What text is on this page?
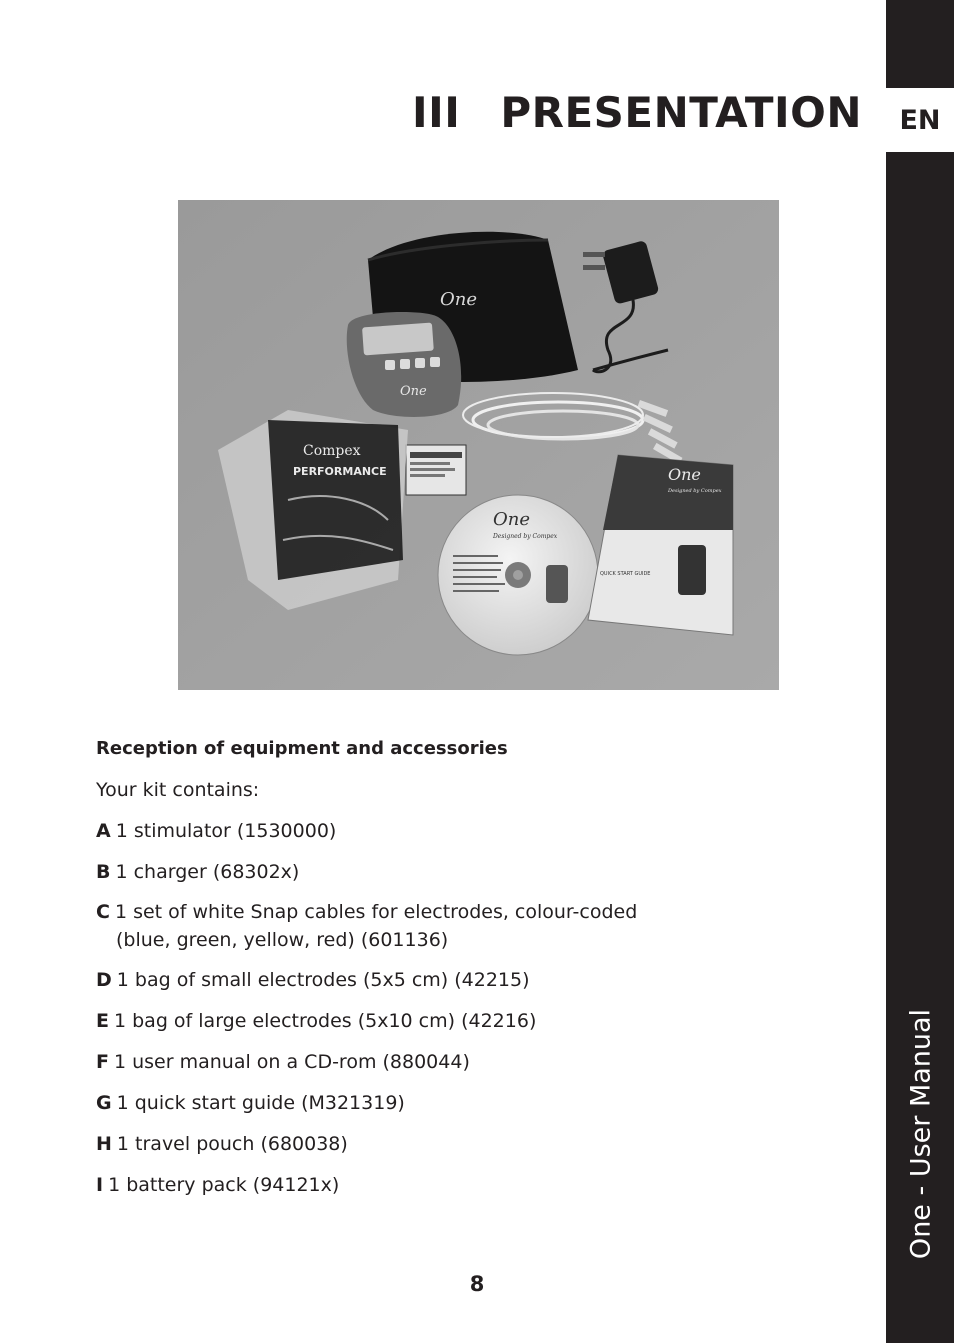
EN
One - User Manual
III PRESENTATION
One
One
Compex
PERFORMANCE
One
Designed by Compex
One
Designed by Compex
QUICK START GUIDE
Reception of equipment and accessories

Your kit contains:

A 1 stimulator (1530000)
B 1 charger (68302x)
C 1 set of white Snap cables for electrodes, colour-coded
(blue, green, yellow, red) (601136)
D 1 bag of small electrodes (5x5 cm) (42215)
E 1 bag of large electrodes (5x10 cm) (42216)
F 1 user manual on a CD-rom (880044)
G 1 quick start guide (M321319)
H 1 travel pouch (680038)
I 1 battery pack (94121x)
8
